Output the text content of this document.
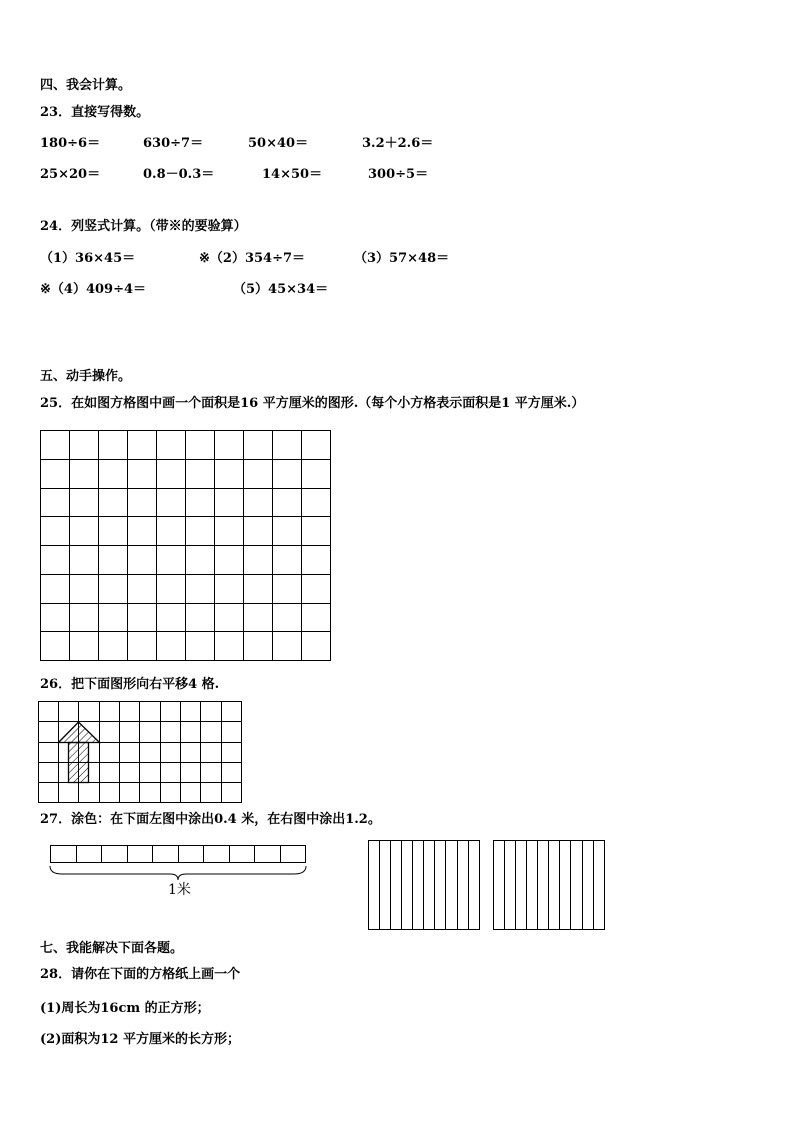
四、我会计算。
23．直接写得数。
180÷6＝	630÷7＝	50×40＝	3.2＋2.6＝
25×20＝	0.8－0.3＝	14×50＝	300÷5＝
24．列竖式计算。（带※的要验算）
（1）36×45＝	※（2）354÷7＝	（3）57×48＝
※（4）409÷4＝	（5）45×34＝
五、动手操作。
25．在如图方格图中画一个面积是16 平方厘米的图形.（每个小方格表示面积是1 平方厘米.）
26．把下面图形向右平移4 格.
27．涂色：在下面左图中涂出0.4 米，在右图中涂出1.2。
1米
七、我能解决下面各题。
28．请你在下面的方格纸上画一个
(1)周长为16cm 的正方形；
(2)面积为12 平方厘米的长方形；
